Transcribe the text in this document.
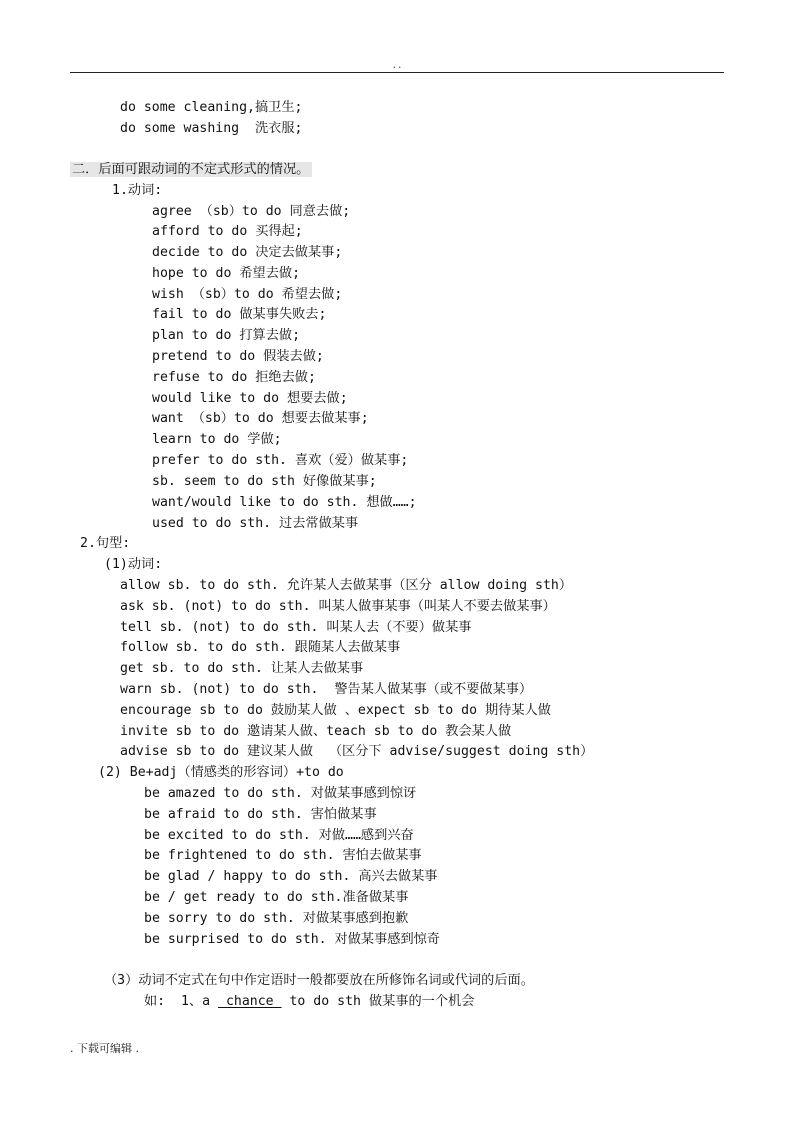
..
do some cleaning,搞卫生;
do some washing  洗衣服;
二．后面可跟动词的不定式形式的情况。
1.动词:
agree （sb）to do 同意去做;
afford to do 买得起;
decide to do 决定去做某事;
hope to do 希望去做;
wish （sb）to do 希望去做;
fail to do 做某事失败去;
plan to do 打算去做;
pretend to do 假装去做;
refuse to do 拒绝去做;
would like to do 想要去做;
want （sb）to do 想要去做某事;
learn to do 学做;
prefer to do sth. 喜欢（爱）做某事;
sb. seem to do sth 好像做某事;
want/would like to do sth. 想做……;
used to do sth. 过去常做某事
2.句型:
(1)动词:
allow sb. to do sth. 允许某人去做某事（区分 allow doing sth）
ask sb. (not) to do sth. 叫某人做事某事（叫某人不要去做某事）
tell sb. (not) to do sth. 叫某人去（不要）做某事
follow sb. to do sth. 跟随某人去做某事
get sb. to do sth. 让某人去做某事
warn sb. (not) to do sth.  警告某人做某事（或不要做某事）
encourage sb to do 鼓励某人做 、expect sb to do 期待某人做
invite sb to do 邀请某人做、teach sb to do 教会某人做
advise sb to do 建议某人做  （区分下 advise/suggest doing sth）
(2) Be+adj（情感类的形容词）+to do
be amazed to do sth. 对做某事感到惊讶
be afraid to do sth. 害怕做某事
be excited to do sth. 对做……感到兴奋
be frightened to do sth. 害怕去做某事
be glad / happy to do sth. 高兴去做某事
be / get ready to do sth.准备做某事
be sorry to do sth. 对做某事感到抱歉
be surprised to do sth. 对做某事感到惊奇
（3）动词不定式在句中作定语时一般都要放在所修饰名词或代词的后面。
如:  1、a  chance  to do sth 做某事的一个机会
. 下载可编辑 .
